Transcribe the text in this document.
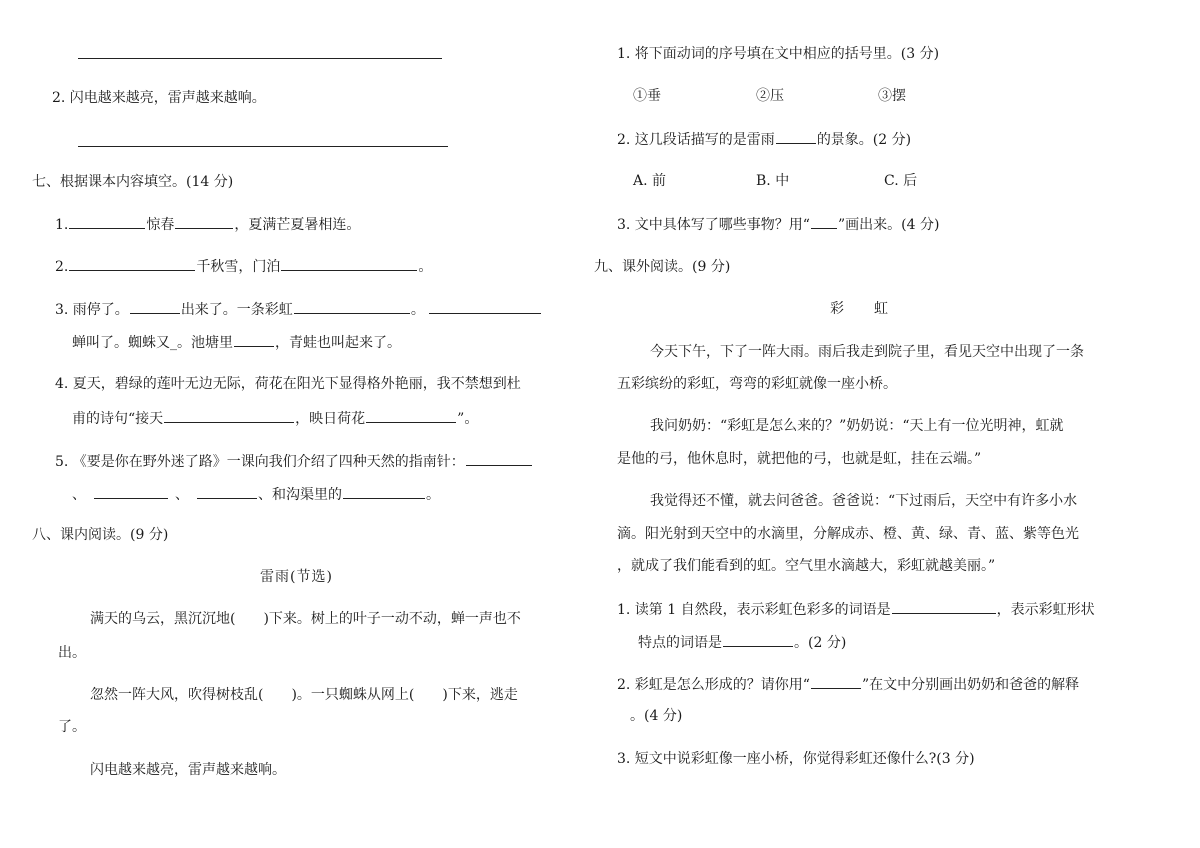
2. 闪电越来越亮，雷声越来越响。
七、根据课本内容填空。(14 分)
1.	惊春	，夏满芒夏暑相连。
2.	千秋雪，门泊	。
3. 雨停了。	出来了。一条彩虹	。
蝉叫了。蜘蛛又_。池塘里	，青蛙也叫起来了。
4. 夏天，碧绿的莲叶无边无际，荷花在阳光下显得格外艳丽，我不禁想到杜
甫的诗句“接天	，映日荷花	”。
5. 《要是你在野外迷了路》一课向我们介绍了四种天然的指南针：
、	、	、和沟渠里的	。
八、课内阅读。(9 分)
雷雨(节选)
满天的乌云，黑沉沉地(　　)下来。树上的叶子一动不动，蝉一声也不
出。
忽然一阵大风，吹得树枝乱(　　)。一只蜘蛛从网上(　　)下来，逃走
了。
闪电越来越亮，雷声越来越响。
1. 将下面动词的序号填在文中相应的括号里。(3 分)
①垂	②压	③摆
2. 这几段话描写的是雷雨	的景象。(2 分)
A. 前	B. 中	C. 后
3. 文中具体写了哪些事物？用“ ”画出来。(4 分)
九、课外阅读。(9 分)
彩虹
今天下午，下了一阵大雨。雨后我走到院子里，看见天空中出现了一条
五彩缤纷的彩虹，弯弯的彩虹就像一座小桥。
我问奶奶：“彩虹是怎么来的？”奶奶说：“天上有一位光明神，虹就
是他的弓，他休息时，就把他的弓，也就是虹，挂在云端。”
我觉得还不懂，就去问爸爸。爸爸说：“下过雨后，天空中有许多小水
滴。阳光射到天空中的水滴里，分解成赤、橙、黄、绿、青、蓝、紫等色光
，就成了我们能看到的虹。空气里水滴越大，彩虹就越美丽。”
1. 读第 1 自然段，表示彩虹色彩多的词语是	，表示彩虹形状
特点的词语是	。(2 分)
2. 彩虹是怎么形成的？请你用“	”在文中分别画出奶奶和爸爸的解释
。(4 分)
3. 短文中说彩虹像一座小桥，你觉得彩虹还像什么?(3 分)
